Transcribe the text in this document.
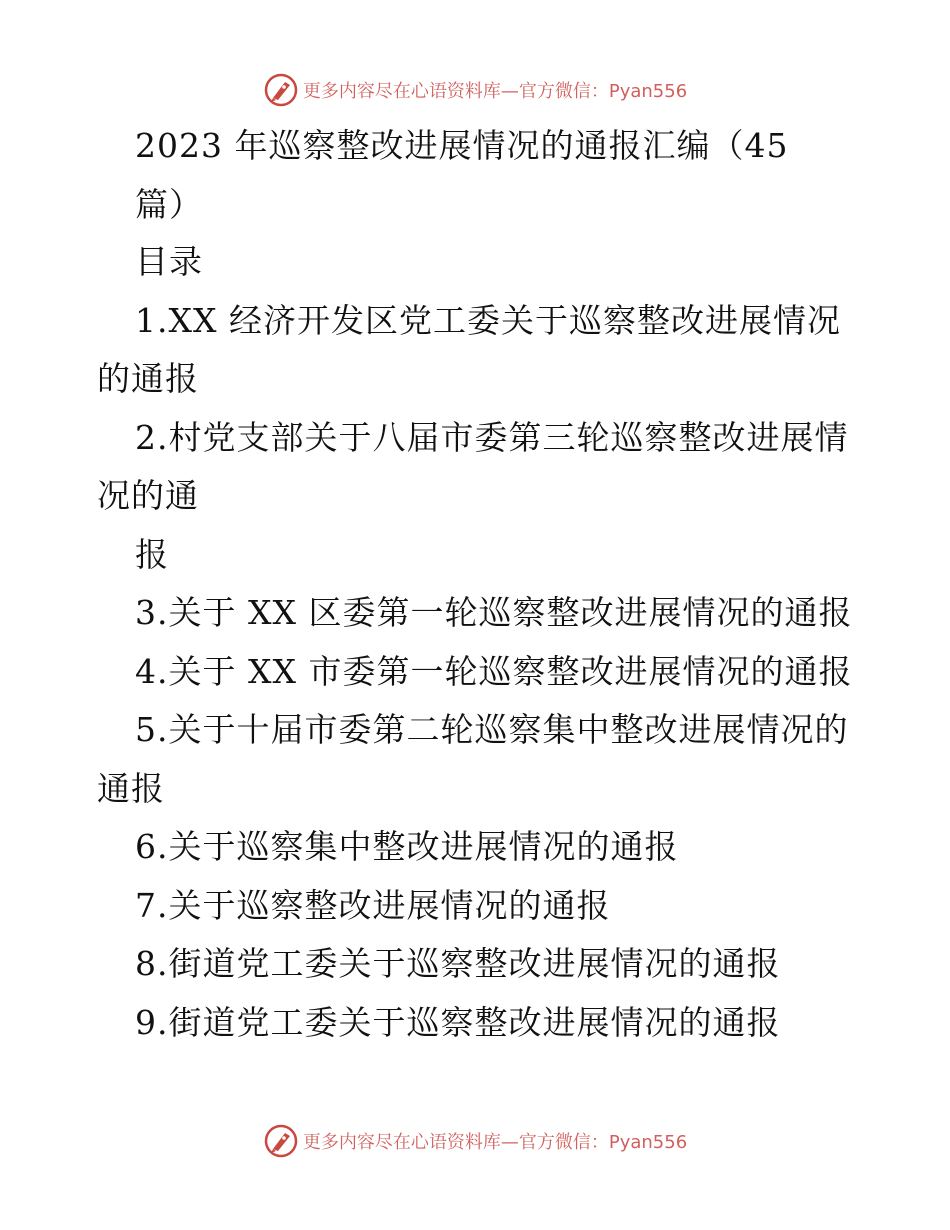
更多内容尽在心语资料库—官方微信：Pyan556
2023 年巡察整改进展情况的通报汇编（45
篇）
目录
1.XX 经济开发区党工委关于巡察整改进展情况
的通报
2.村党支部关于八届市委第三轮巡察整改进展情
况的通
报
3.关于 XX 区委第一轮巡察整改进展情况的通报
4.关于 XX 市委第一轮巡察整改进展情况的通报
5.关于十届市委第二轮巡察集中整改进展情况的
通报
6.关于巡察集中整改进展情况的通报
7.关于巡察整改进展情况的通报
8.街道党工委关于巡察整改进展情况的通报
9.街道党工委关于巡察整改进展情况的通报
更多内容尽在心语资料库—官方微信：Pyan556
